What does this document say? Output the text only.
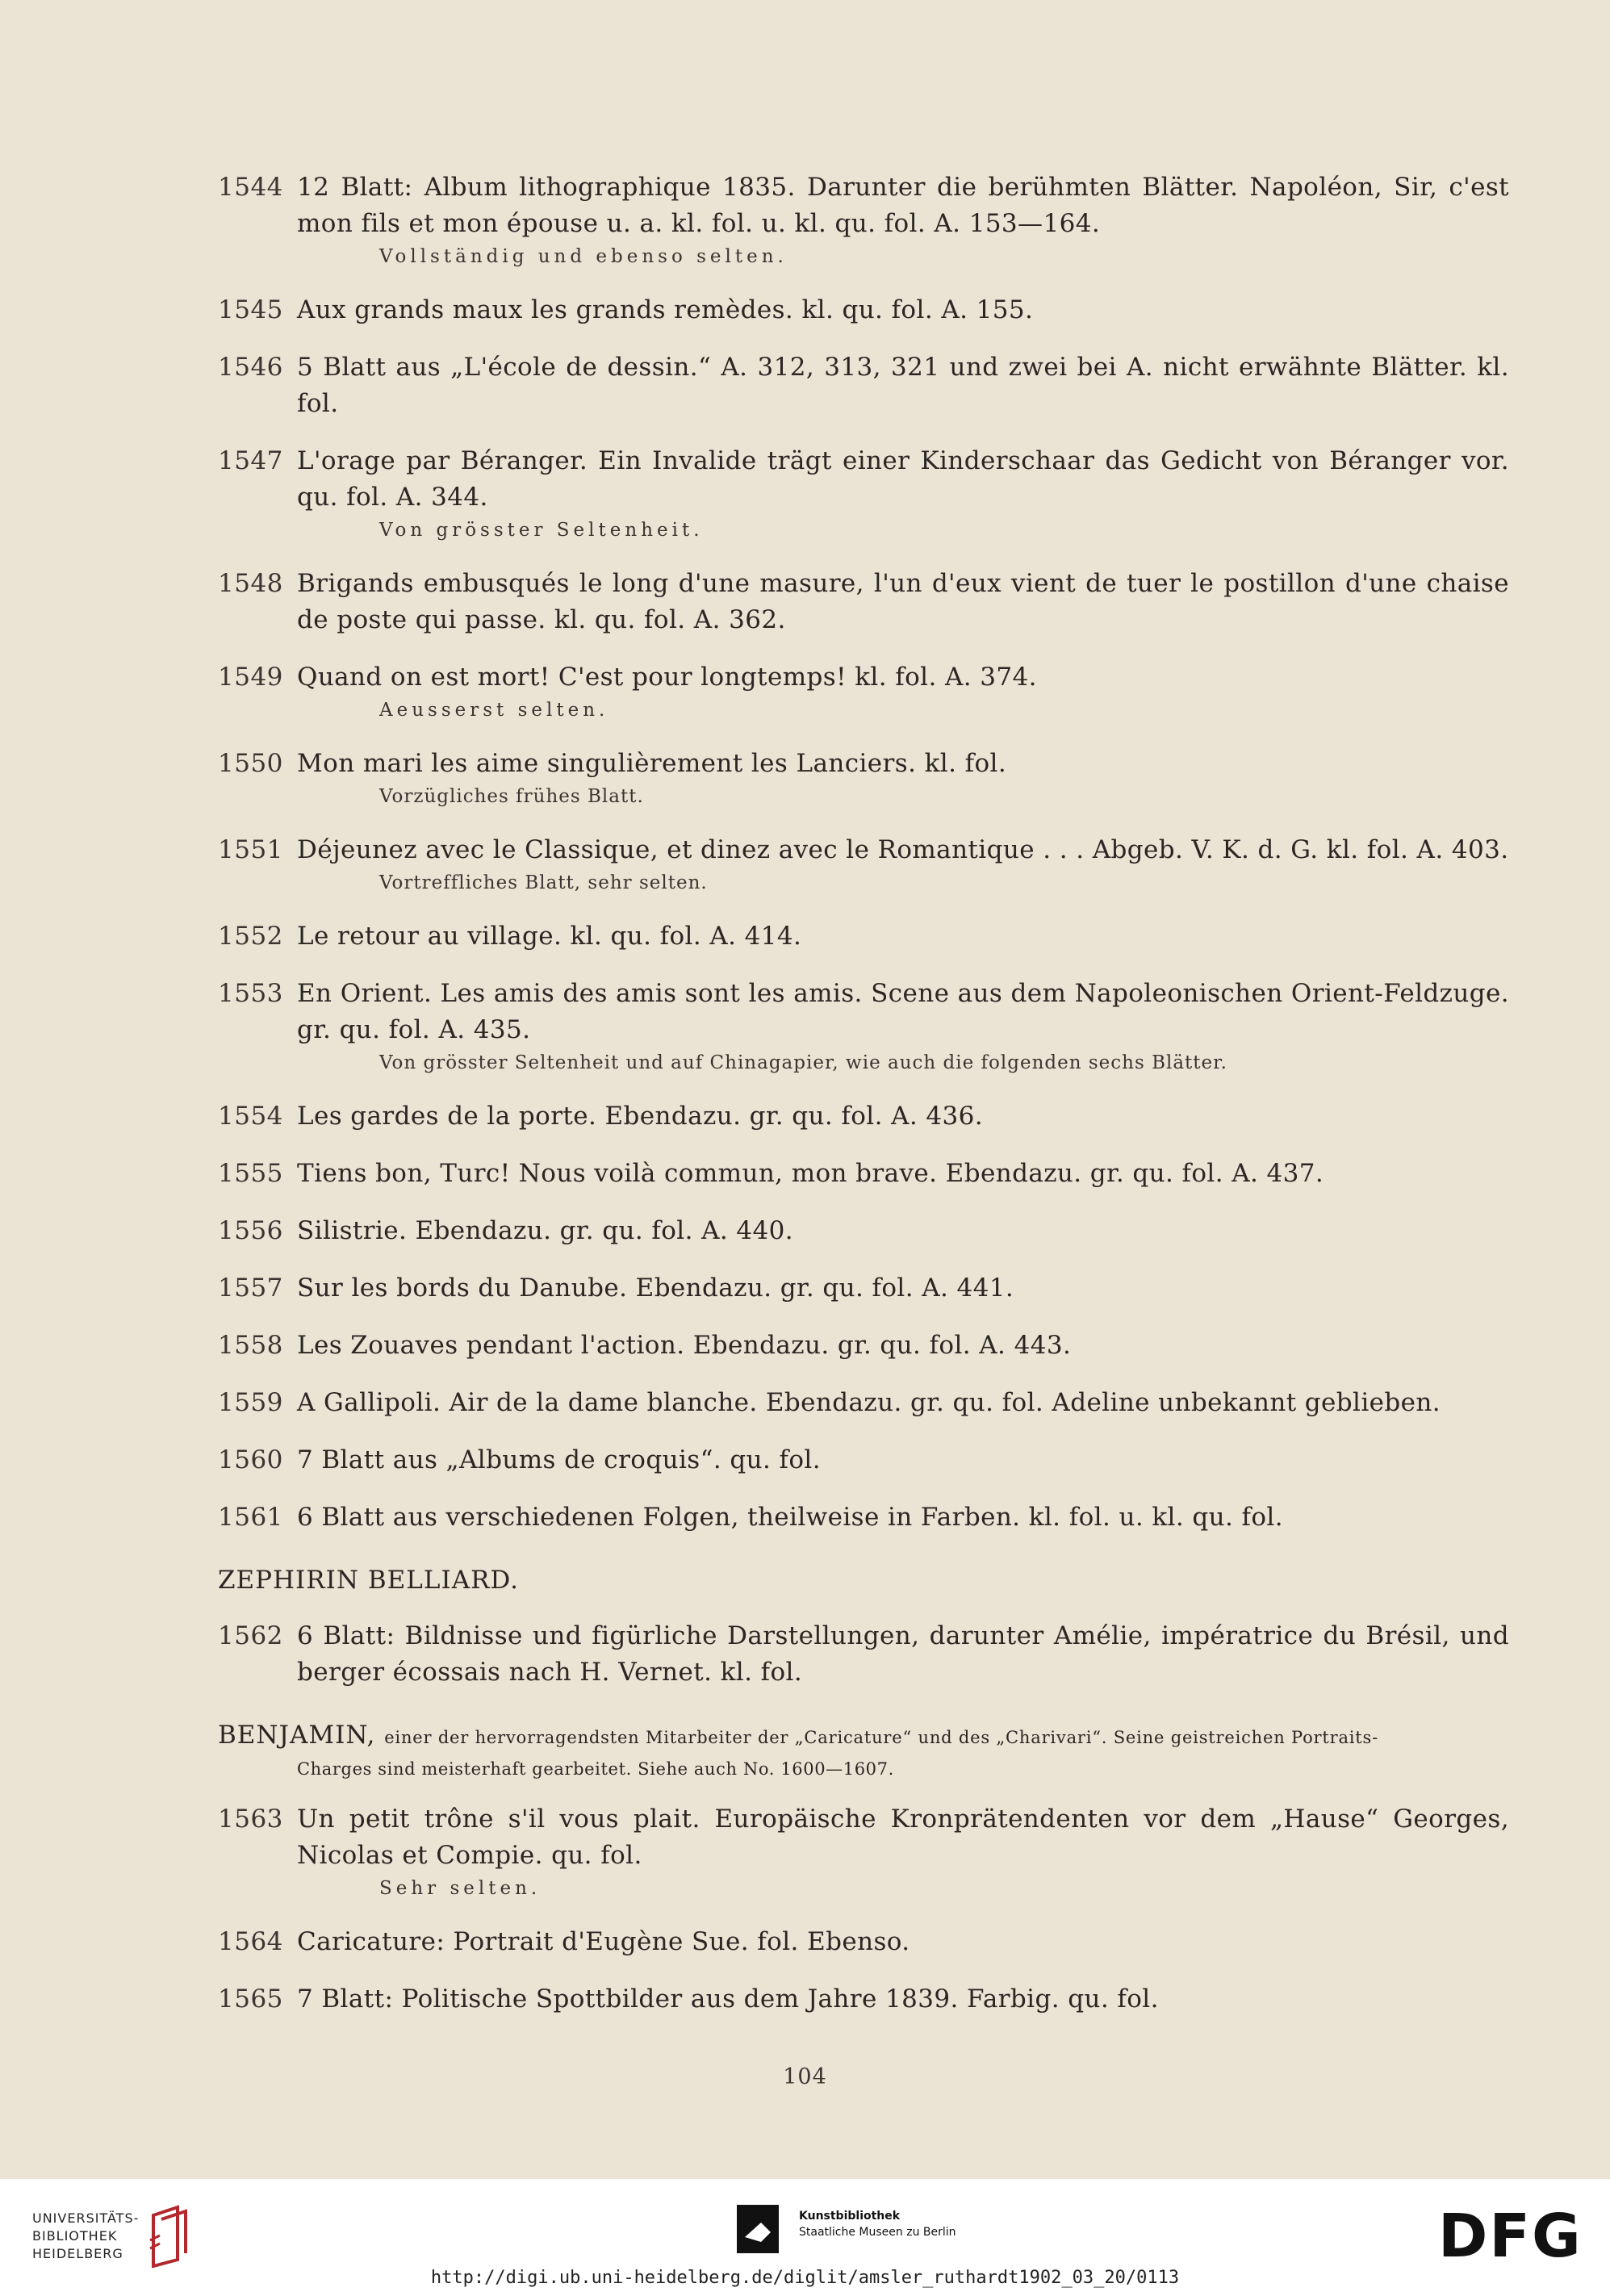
1544 12 Blatt: Album lithographique 1835. Darunter die berühmten Blätter. Napoléon, Sir, c'est mon fils et mon épouse u. a. kl. fol. u. kl. qu. fol. A. 153—164.
Vollständig und ebenso selten.
1545 Aux grands maux les grands remèdes. kl. qu. fol. A. 155.
1546 5 Blatt aus „L'école de dessin.“ A. 312, 313, 321 und zwei bei A. nicht erwähnte Blätter. kl. fol.
1547 L'orage par Béranger. Ein Invalide trägt einer Kinderschaar das Gedicht von Béranger vor. qu. fol. A. 344.
Von grösster Seltenheit.
1548 Brigands embusqués le long d'une masure, l'un d'eux vient de tuer le postillon d'une chaise de poste qui passe. kl. qu. fol. A. 362.
1549 Quand on est mort! C'est pour longtemps! kl. fol. A. 374.
Aeusserst selten.
1550 Mon mari les aime singulièrement les Lanciers. kl. fol.
Vorzügliches frühes Blatt.
1551 Déjeunez avec le Classique, et dinez avec le Romantique . . . Abgeb. V. K. d. G. kl. fol. A. 403.
Vortreffliches Blatt, sehr selten.
1552 Le retour au village. kl. qu. fol. A. 414.
1553 En Orient. Les amis des amis sont les amis. Scene aus dem Napoleonischen Orient-Feldzuge. gr. qu. fol. A. 435.
Von grösster Seltenheit und auf Chinagapier, wie auch die folgenden sechs Blätter.
1554 Les gardes de la porte. Ebendazu. gr. qu. fol. A. 436.
1555 Tiens bon, Turc! Nous voilà commun, mon brave. Ebendazu. gr. qu. fol. A. 437.
1556 Silistrie. Ebendazu. gr. qu. fol. A. 440.
1557 Sur les bords du Danube. Ebendazu. gr. qu. fol. A. 441.
1558 Les Zouaves pendant l'action. Ebendazu. gr. qu. fol. A. 443.
1559 A Gallipoli. Air de la dame blanche. Ebendazu. gr. qu. fol. Adeline unbekannt geblieben.
1560 7 Blatt aus „Albums de croquis“. qu. fol.
1561 6 Blatt aus verschiedenen Folgen, theilweise in Farben. kl. fol. u. kl. qu. fol.
ZEPHIRIN BELLIARD.
1562 6 Blatt: Bildnisse und figürliche Darstellungen, darunter Amélie, impératrice du Brésil, und berger écossais nach H. Vernet. kl. fol.
BENJAMIN, einer der hervorragendsten Mitarbeiter der „Caricature“ und des „Charivari“. Seine geistreichen Portraits-
Charges sind meisterhaft gearbeitet. Siehe auch No. 1600—1607.
1563 Un petit trône s'il vous plait. Europäische Kronprätendenten vor dem „Hause“ Georges, Nicolas et Compie. qu. fol.
Sehr selten.
1564 Caricature: Portrait d'Eugène Sue. fol. Ebenso.
1565 7 Blatt: Politische Spottbilder aus dem Jahre 1839. Farbig. qu. fol.
104
UNIVERSITÄTS-
BIBLIOTHEK
HEIDELBERG
Kunstbibliothek
Staatliche Museen zu Berlin	DFG
http://digi.ub.uni-heidelberg.de/diglit/amsler_ruthardt1902_03_20/0113
